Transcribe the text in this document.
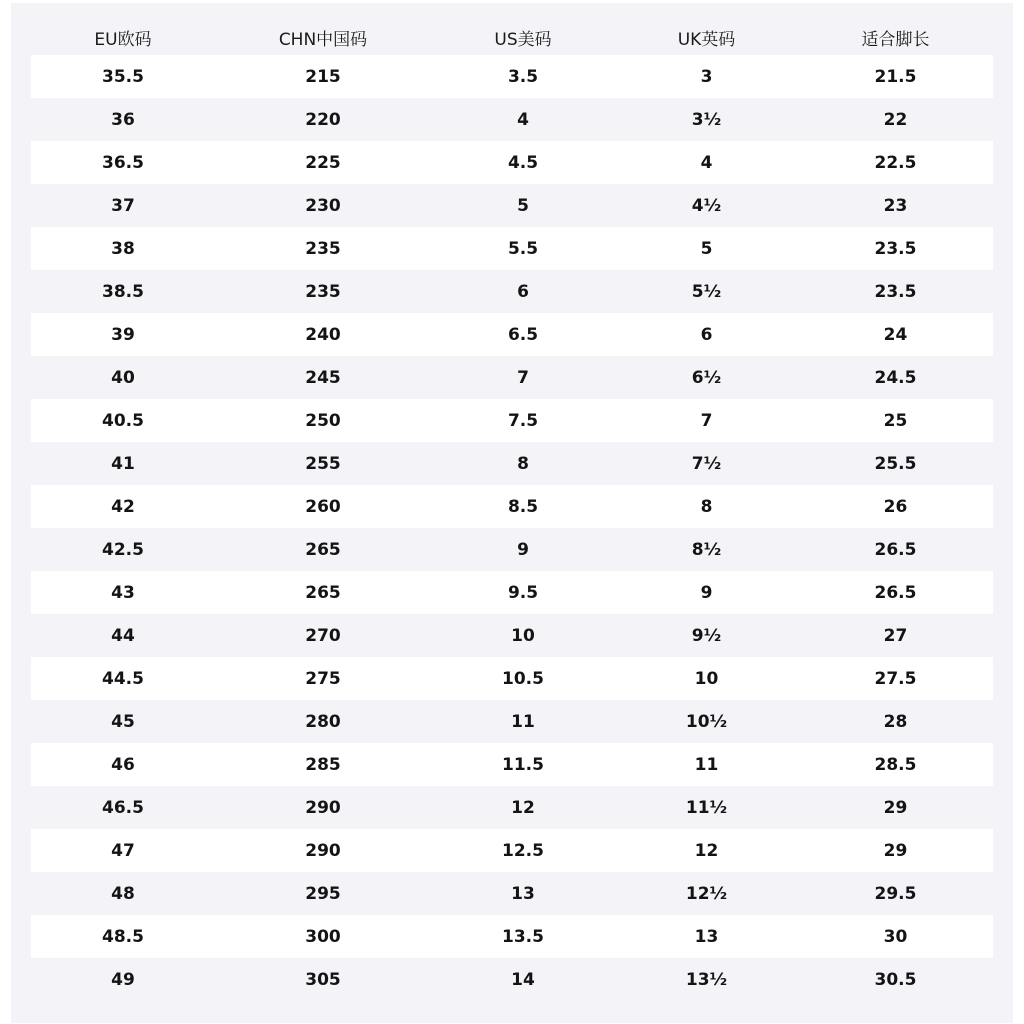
EU欧码	CHN中国码	US美码	UK英码	适合脚长
35.5	215	3.5	3	21.5
36	220	4	3½	22
36.5	225	4.5	4	22.5
37	230	5	4½	23
38	235	5.5	5	23.5
38.5	235	6	5½	23.5
39	240	6.5	6	24
40	245	7	6½	24.5
40.5	250	7.5	7	25
41	255	8	7½	25.5
42	260	8.5	8	26
42.5	265	9	8½	26.5
43	265	9.5	9	26.5
44	270	10	9½	27
44.5	275	10.5	10	27.5
45	280	11	10½	28
46	285	11.5	11	28.5
46.5	290	12	11½	29
47	290	12.5	12	29
48	295	13	12½	29.5
48.5	300	13.5	13	30
49	305	14	13½	30.5
